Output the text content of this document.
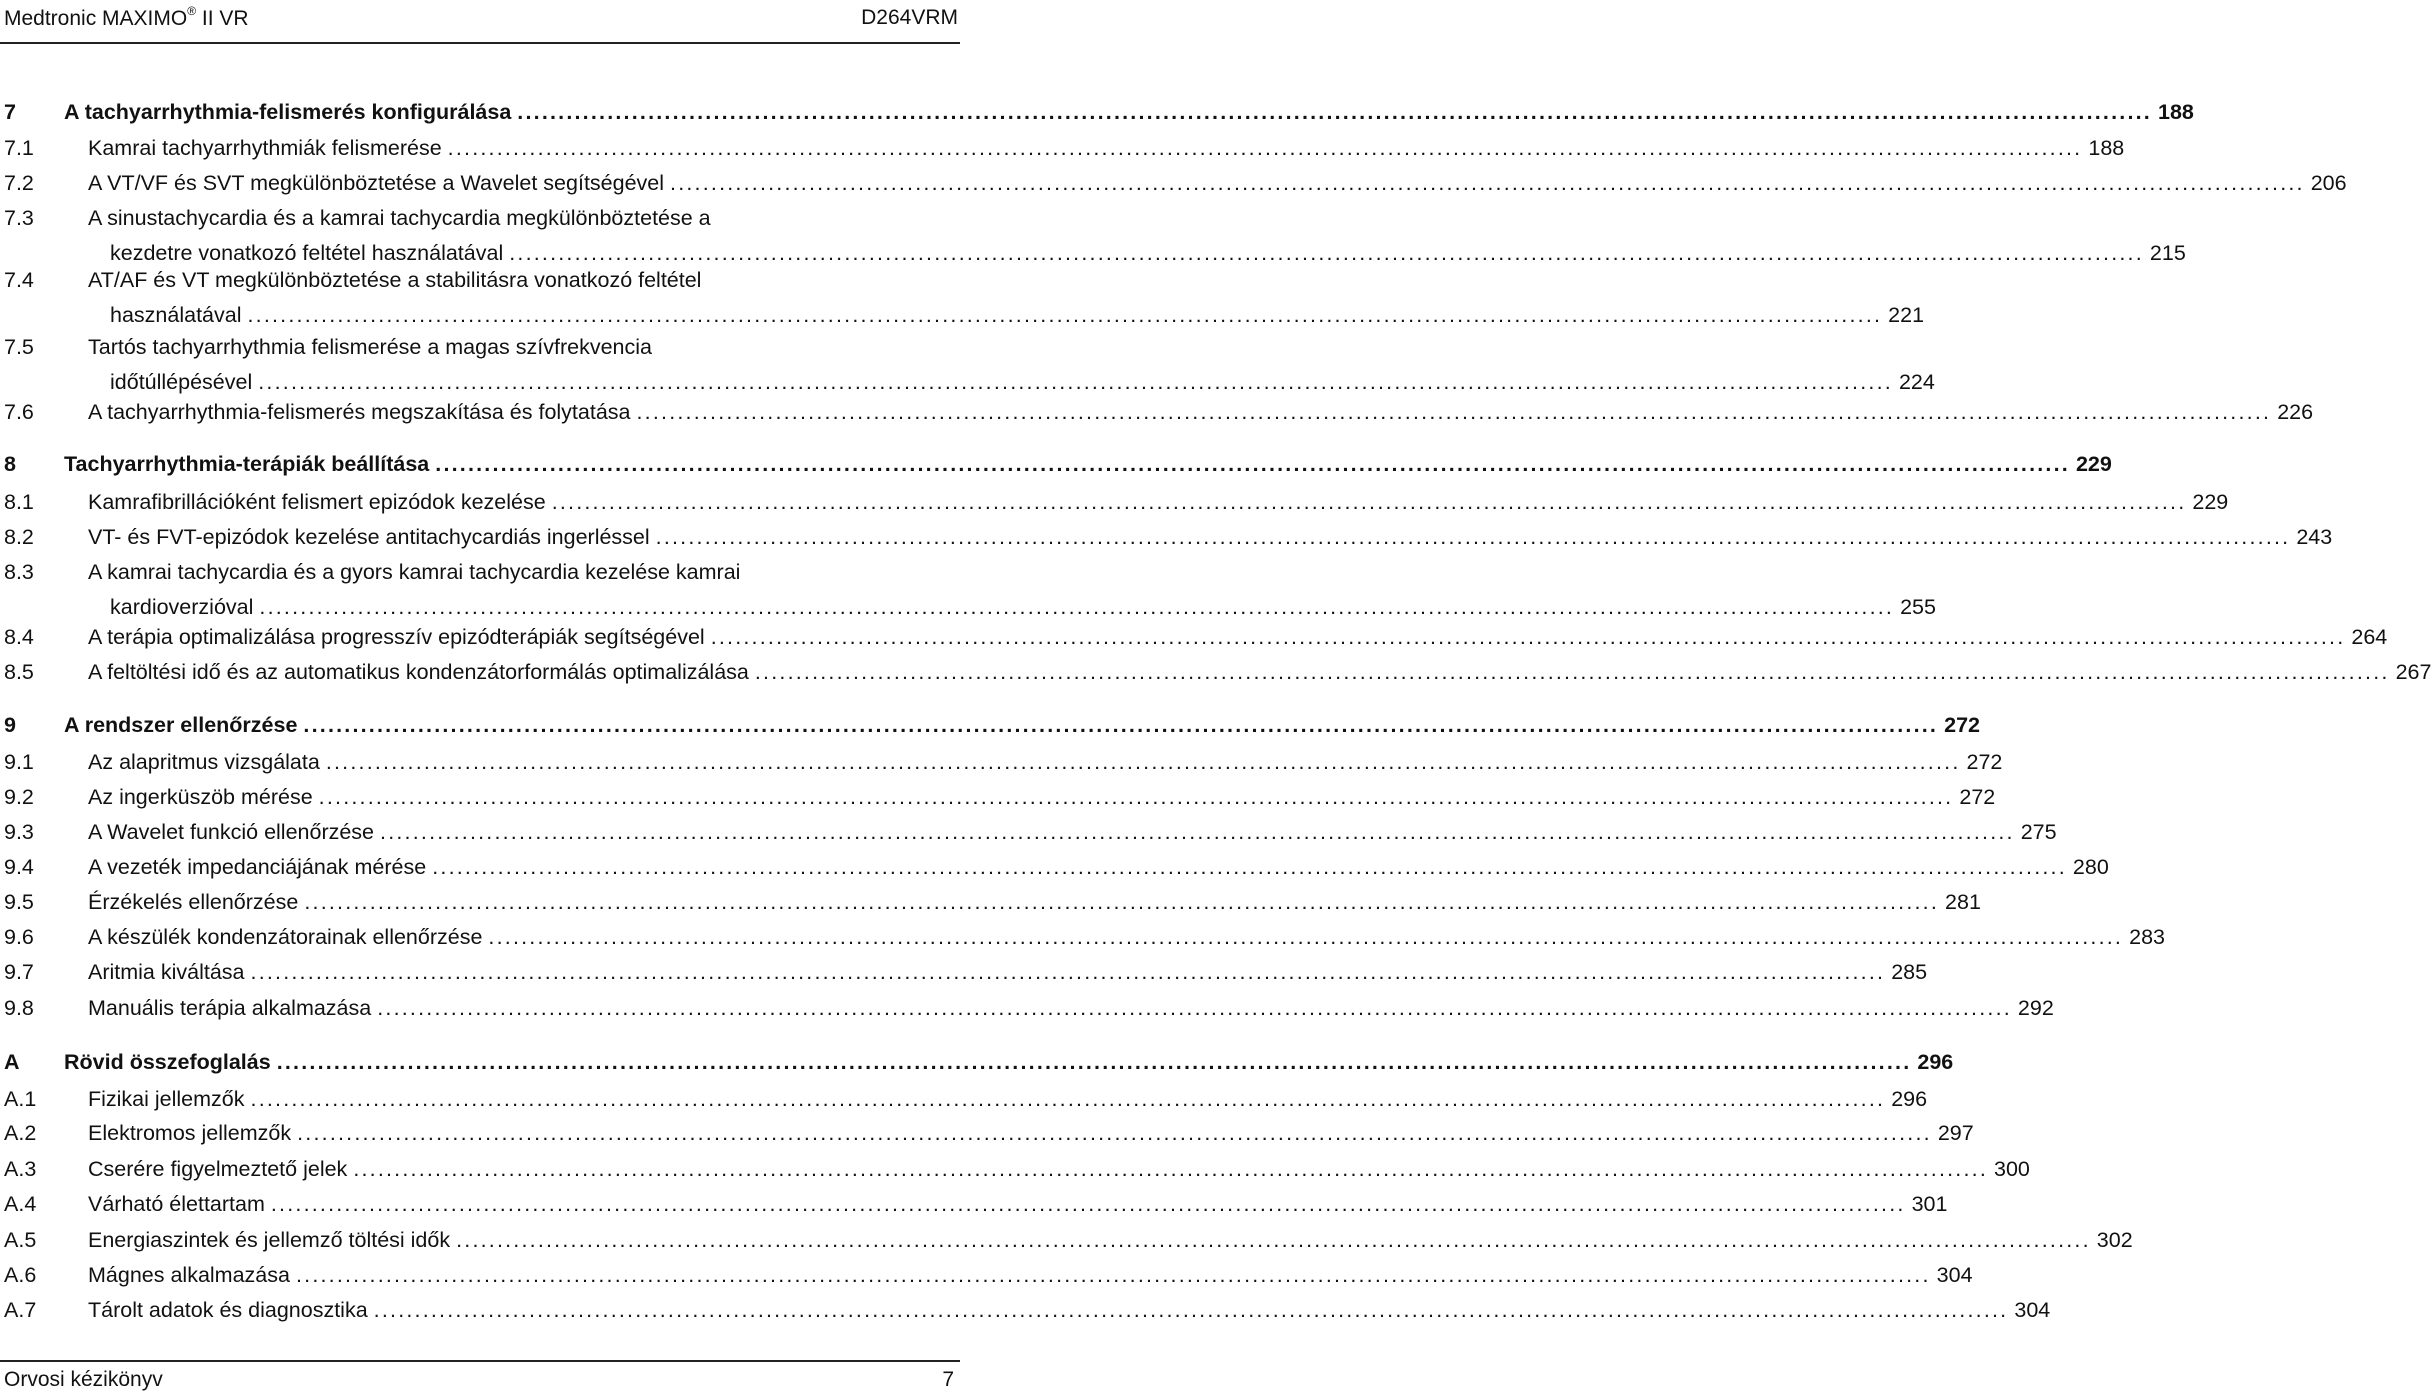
Medtronic MAXIMO® II VR	D264VRM
7 A tachyarrhythmia-felismerés konfigurálása ........................................................................................................................................................................................................ 188
7.1	Kamrai tachyarrhythmiák felismerése ........................................................................................................................................................................................................ 188
7.2	A VT/VF és SVT megkülönböztetése a Wavelet segítségével ........................................................................................................................................................................................................ 206
7.3	A sinustachycardia és a kamrai tachycardia megkülönböztetése a
kezdetre vonatkozó feltétel használatával ........................................................................................................................................................................................................ 215
7.4	AT/AF és VT megkülönböztetése a stabilitásra vonatkozó feltétel
használatával ........................................................................................................................................................................................................ 221
7.5	Tartós tachyarrhythmia felismerése a magas szívfrekvencia
időtúllépésével ........................................................................................................................................................................................................ 224
7.6	A tachyarrhythmia-felismerés megszakítása és folytatása ........................................................................................................................................................................................................ 226
8 Tachyarrhythmia-terápiák beállítása ........................................................................................................................................................................................................ 229
8.1	Kamrafibrillációként felismert epizódok kezelése ........................................................................................................................................................................................................ 229
8.2	VT- és FVT-epizódok kezelése antitachycardiás ingerléssel ........................................................................................................................................................................................................ 243
8.3	A kamrai tachycardia és a gyors kamrai tachycardia kezelése kamrai
kardioverzióval ........................................................................................................................................................................................................ 255
8.4	A terápia optimalizálása progresszív epizódterápiák segítségével ........................................................................................................................................................................................................ 264
8.5	A feltöltési idő és az automatikus kondenzátorformálás optimalizálása ........................................................................................................................................................................................................ 267
9 A rendszer ellenőrzése ........................................................................................................................................................................................................ 272
9.1	Az alapritmus vizsgálata ........................................................................................................................................................................................................ 272
9.2	Az ingerküszöb mérése ........................................................................................................................................................................................................ 272
9.3	A Wavelet funkció ellenőrzése ........................................................................................................................................................................................................ 275
9.4	A vezeték impedanciájának mérése ........................................................................................................................................................................................................ 280
9.5	Érzékelés ellenőrzése ........................................................................................................................................................................................................ 281
9.6	A készülék kondenzátorainak ellenőrzése ........................................................................................................................................................................................................ 283
9.7	Aritmia kiváltása ........................................................................................................................................................................................................ 285
9.8	Manuális terápia alkalmazása ........................................................................................................................................................................................................ 292
A Rövid összefoglalás ........................................................................................................................................................................................................ 296
A.1 Fizikai jellemzők ........................................................................................................................................................................................................ 296
A.2 Elektromos jellemzők ........................................................................................................................................................................................................ 297
A.3 Cserére figyelmeztető jelek ........................................................................................................................................................................................................ 300
A.4 Várható élettartam ........................................................................................................................................................................................................ 301
A.5 Energiaszintek és jellemző töltési idők ........................................................................................................................................................................................................ 302
A.6 Mágnes alkalmazása ........................................................................................................................................................................................................ 304
A.7 Tárolt adatok és diagnosztika ........................................................................................................................................................................................................ 304
Orvosi kézikönyv	7
